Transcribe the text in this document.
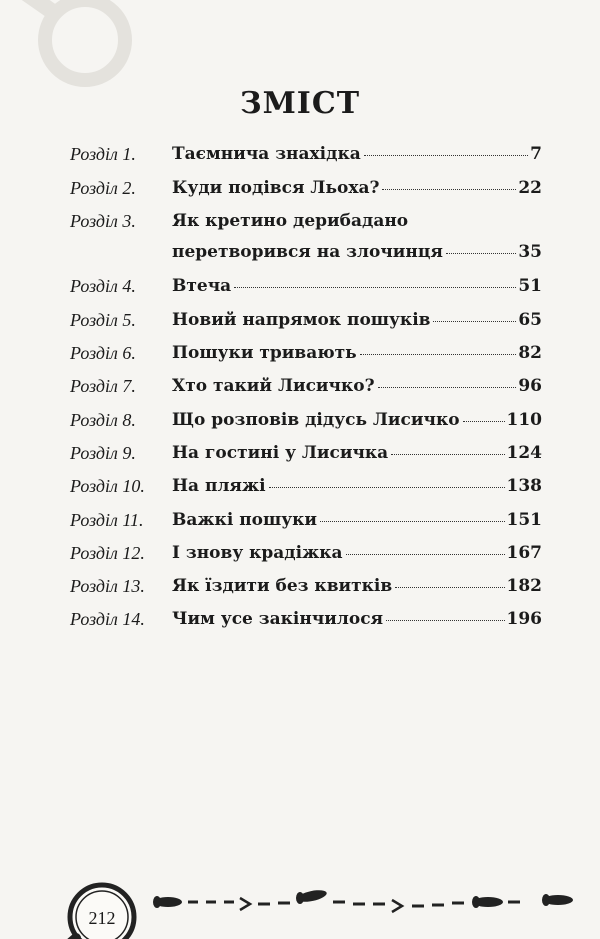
ЗМІСТ
Розділ 1. Таємнича знахідка	7
Розділ 2. Куди подівся Льоха?	22
Розділ 3. Як кретино дерибадано
перетворився на злочинця	35
Розділ 4. Втеча	51
Розділ 5. Новий напрямок пошуків	65
Розділ 6. Пошуки тривають	82
Розділ 7. Хто такий Лисичко?	96
Розділ 8. Що розповів дідусь Лисичко	110
Розділ 9. На гостині у Лисичка	124
Розділ 10. На пляжі	138
Розділ 11. Важкі пошуки	151
Розділ 12. І знову крадіжка	167
Розділ 13. Як їздити без квитків	182
Розділ 14. Чим усе закінчилося	196
212
